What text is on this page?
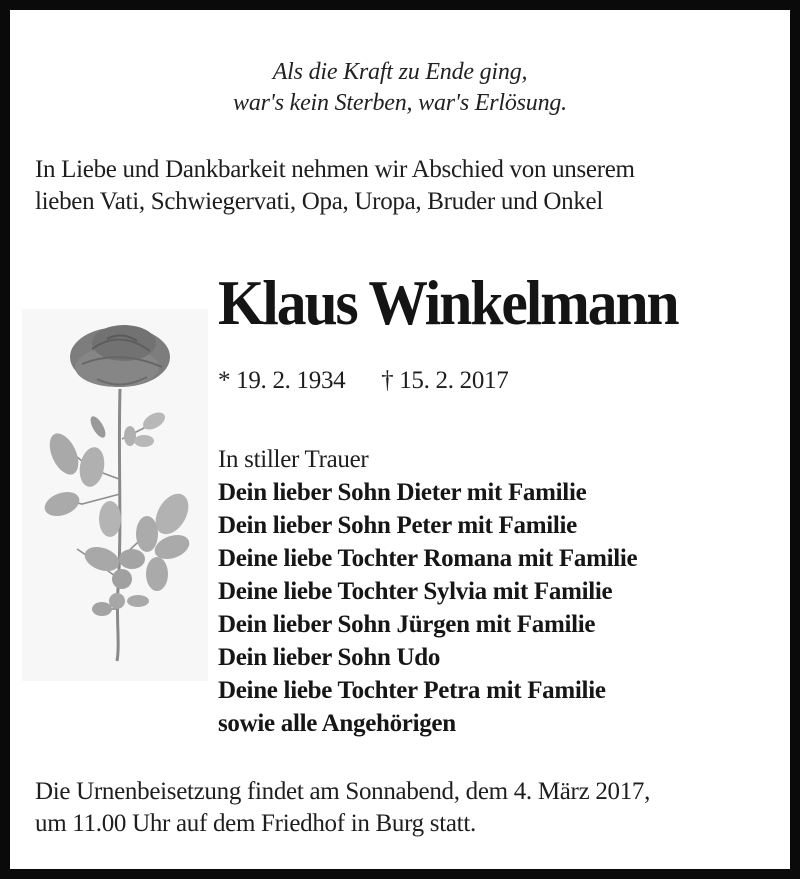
Als die Kraft zu Ende ging,
war's kein Sterben, war's Erlösung.
In Liebe und Dankbarkeit nehmen wir Abschied von unserem
lieben Vati, Schwiegervati, Opa, Uropa, Bruder und Onkel
Klaus Winkelmann
* 19. 2. 1934 † 15. 2. 2017
In stiller Trauer
Dein lieber Sohn Dieter mit Familie
Dein lieber Sohn Peter mit Familie
Deine liebe Tochter Romana mit Familie
Deine liebe Tochter Sylvia mit Familie
Dein lieber Sohn Jürgen mit Familie
Dein lieber Sohn Udo
Deine liebe Tochter Petra mit Familie
sowie alle Angehörigen
Die Urnenbeisetzung findet am Sonnabend, dem 4. März 2017,
um 11.00 Uhr auf dem Friedhof in Burg statt.
